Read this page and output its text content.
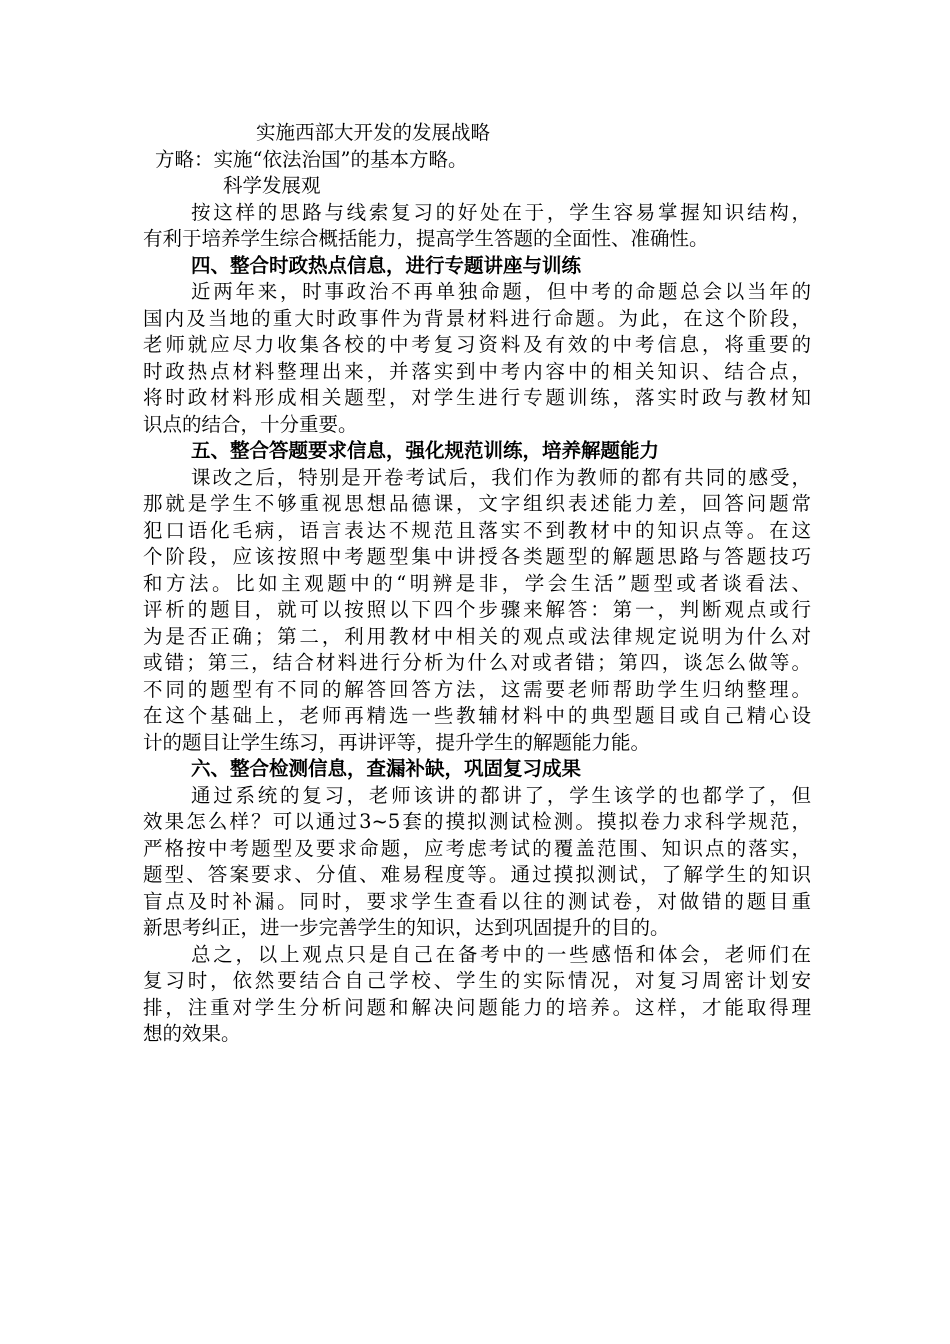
实施西部大开发的发展战略
方略：实施“依法治国”的基本方略。
科学发展观
按这样的思路与线索复习的好处在于，学生容易掌握知识结构，
有利于培养学生综合概括能力，提高学生答题的全面性、准确性。
四、整合时政热点信息，进行专题讲座与训练
近两年来，时事政治不再单独命题，但中考的命题总会以当年的
国内及当地的重大时政事件为背景材料进行命题。为此，在这个阶段，
老师就应尽力收集各校的中考复习资料及有效的中考信息，将重要的
时政热点材料整理出来，并落实到中考内容中的相关知识、结合点，
将时政材料形成相关题型，对学生进行专题训练，落实时政与教材知
识点的结合，十分重要。
五、整合答题要求信息，强化规范训练，培养解题能力
课改之后，特别是开卷考试后，我们作为教师的都有共同的感受，
那就是学生不够重视思想品德课，文字组织表述能力差，回答问题常
犯口语化毛病，语言表达不规范且落实不到教材中的知识点等。在这
个阶段，应该按照中考题型集中讲授各类题型的解题思路与答题技巧
和方法。比如主观题中的“明辨是非，学会生活”题型或者谈看法、
评析的题目，就可以按照以下四个步骤来解答：第一，判断观点或行
为是否正确；第二，利用教材中相关的观点或法律规定说明为什么对
或错；第三，结合材料进行分析为什么对或者错；第四，谈怎么做等。
不同的题型有不同的解答回答方法，这需要老师帮助学生归纳整理。
在这个基础上，老师再精选一些教辅材料中的典型题目或自己精心设
计的题目让学生练习，再讲评等，提升学生的解题能力能。
六、整合检测信息，查漏补缺，巩固复习成果
通过系统的复习，老师该讲的都讲了，学生该学的也都学了，但
效果怎么样？可以通过3~5套的摸拟测试检测。摸拟卷力求科学规范，
严格按中考题型及要求命题，应考虑考试的覆盖范围、知识点的落实，
题型、答案要求、分值、难易程度等。通过摸拟测试，了解学生的知识
盲点及时补漏。同时，要求学生查看以往的测试卷，对做错的题目重
新思考纠正，进一步完善学生的知识，达到巩固提升的目的。
总之，以上观点只是自己在备考中的一些感悟和体会，老师们在
复习时，依然要结合自己学校、学生的实际情况，对复习周密计划安
排，注重对学生分析问题和解决问题能力的培养。这样，才能取得理
想的效果。
